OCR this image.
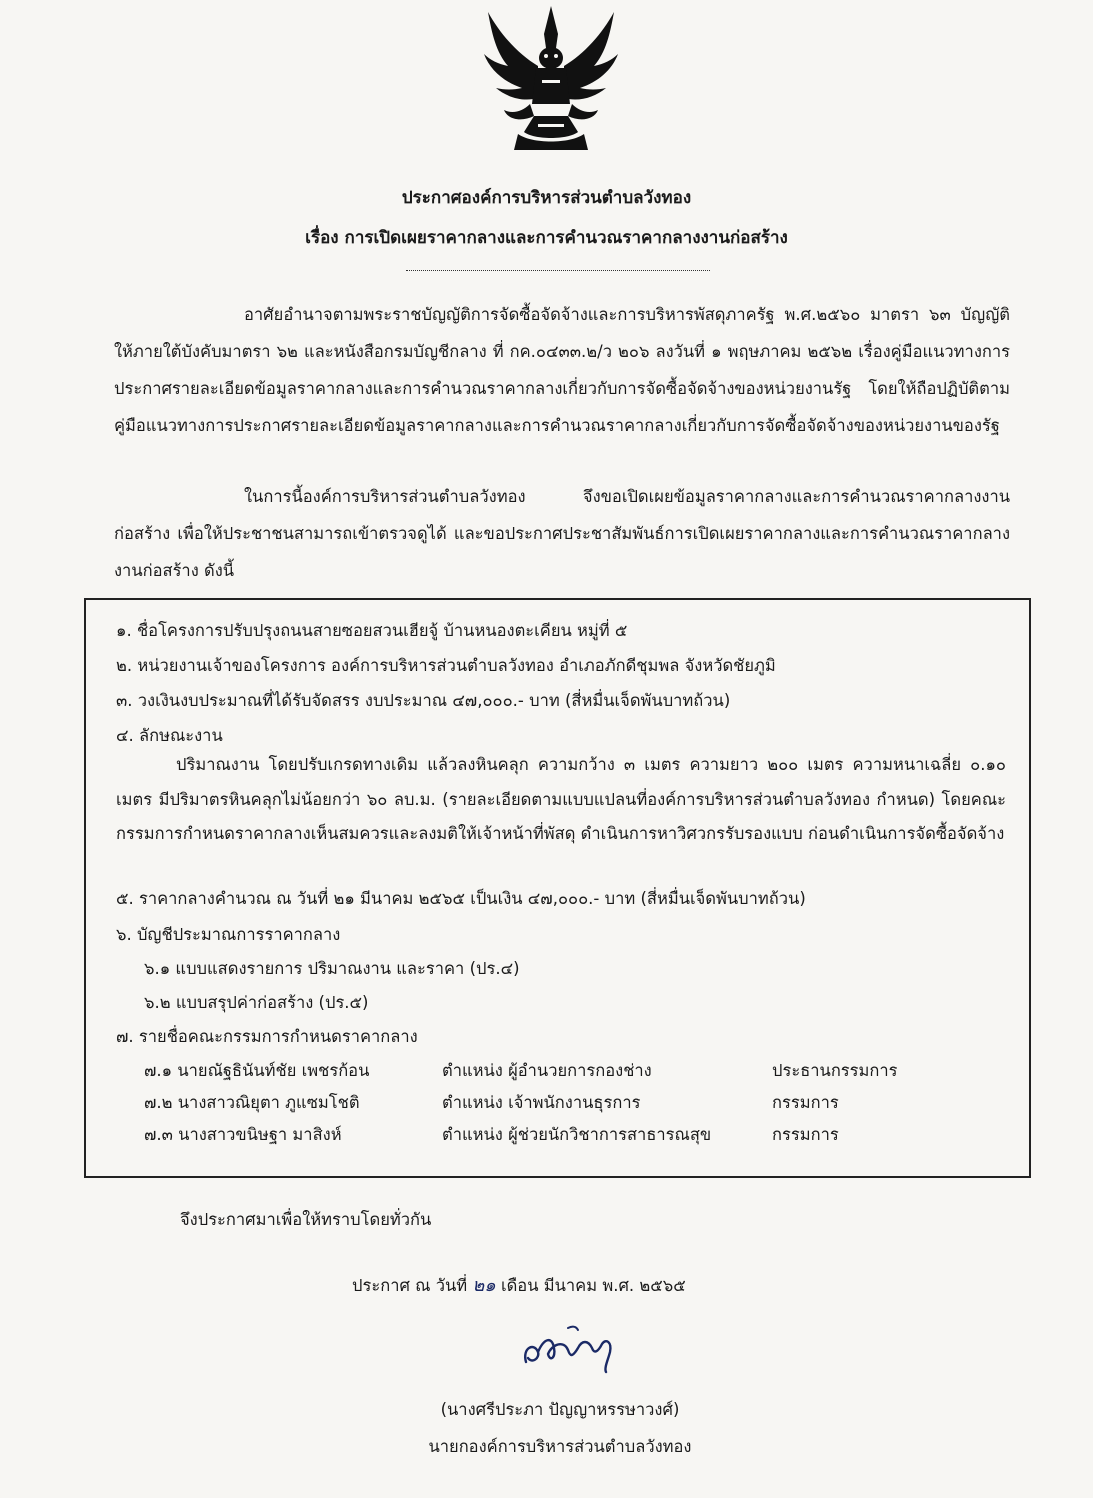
ประกาศองค์การบริหารส่วนตำบลวังทอง
เรื่อง การเปิดเผยราคากลางและการคำนวณราคากลางงานก่อสร้าง
อาศัยอำนาจตามพระราชบัญญัติการจัดซื้อจัดจ้างและการบริหารพัสดุภาครัฐ พ.ศ.๒๕๖๐ มาตรา ๖๓ บัญญัติให้ภายใต้บังคับมาตรา ๖๒ และหนังสือกรมบัญชีกลาง ที่ กค.๐๔๓๓.๒/ว ๒๐๖ ลงวันที่ ๑ พฤษภาคม ๒๕๖๒ เรื่องคู่มือแนวทางการประกาศรายละเอียดข้อมูลราคากลางและการคำนวณราคากลางเกี่ยวกับการจัดซื้อจัดจ้างของหน่วยงานรัฐ โดยให้ถือปฏิบัติตามคู่มือแนวทางการประกาศรายละเอียดข้อมูลราคากลางและการคำนวณราคากลางเกี่ยวกับการจัดซื้อจัดจ้างของหน่วยงานของรัฐ
ในการนี้องค์การบริหารส่วนตำบลวังทอง จึงขอเปิดเผยข้อมูลราคากลางและการคำนวณราคากลางงานก่อสร้าง เพื่อให้ประชาชนสามารถเข้าตรวจดูได้ และขอประกาศประชาสัมพันธ์การเปิดเผยราคากลางและการคำนวณราคากลางงานก่อสร้าง ดังนี้
๑. ชื่อโครงการปรับปรุงถนนสายซอยสวนเฮียจู้ บ้านหนองตะเคียน หมู่ที่ ๕
๒. หน่วยงานเจ้าของโครงการ องค์การบริหารส่วนตำบลวังทอง อำเภอภักดีชุมพล จังหวัดชัยภูมิ
๓. วงเงินงบประมาณที่ได้รับจัดสรร งบประมาณ ๔๗,๐๐๐.- บาท (สี่หมื่นเจ็ดพันบาทถ้วน)
๔. ลักษณะงาน
ปริมาณงาน โดยปรับเกรดทางเดิม แล้วลงหินคลุก ความกว้าง ๓ เมตร ความยาว ๒๐๐ เมตร ความหนาเฉลี่ย ๐.๑๐ เมตร มีปริมาตรหินคลุกไม่น้อยกว่า ๖๐ ลบ.ม. (รายละเอียดตามแบบแปลนที่องค์การบริหารส่วนตำบลวังทอง กำหนด) โดยคณะกรรมการกำหนดราคากลางเห็นสมควรและลงมติให้เจ้าหน้าที่พัสดุ ดำเนินการหาวิศวกรรับรองแบบ ก่อนดำเนินการจัดซื้อจัดจ้าง
๕. ราคากลางคำนวณ ณ วันที่ ๒๑ มีนาคม ๒๕๖๕ เป็นเงิน ๔๗,๐๐๐.- บาท (สี่หมื่นเจ็ดพันบาทถ้วน)
๖. บัญชีประมาณการราคากลาง
๖.๑ แบบแสดงรายการ ปริมาณงาน และราคา (ปร.๔)
๖.๒ แบบสรุปค่าก่อสร้าง (ปร.๕)
๗. รายชื่อคณะกรรมการกำหนดราคากลาง
๗.๑ นายณัฐธินันท์ชัย เพชรก้อน	ตำแหน่ง ผู้อำนวยการกองช่าง	ประธานกรรมการ
๗.๒ นางสาวณิยุตา ภูแซมโชติ	ตำแหน่ง เจ้าพนักงานธุรการ	กรรมการ
๗.๓ นางสาวขนิษฐา มาสิงห์	ตำแหน่ง ผู้ช่วยนักวิชาการสาธารณสุข	กรรมการ
จึงประกาศมาเพื่อให้ทราบโดยทั่วกัน
ประกาศ ณ วันที่ ๒๑ เดือน มีนาคม พ.ศ. ๒๕๖๕
(นางศรีประภา ปัญญาหรรษาวงศ์)
นายกองค์การบริหารส่วนตำบลวังทอง
